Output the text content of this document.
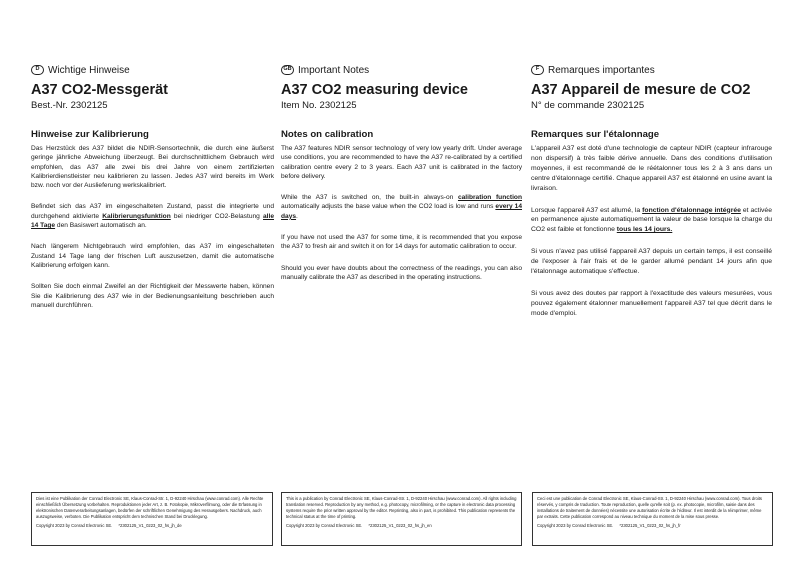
D Wichtige Hinweise
A37 CO2-Messgerät
Best.-Nr. 2302125
Hinweise zur Kalibrierung

Das Herzstück des A37 bildet die NDIR-Sensortechnik, die durch eine äußerst geringe jährliche Abweichung überzeugt. Bei durchschnittlichem Gebrauch wird empfohlen, das A37 alle zwei bis drei Jahre von einem zertifizierten Kalibrierdienstleister neu kalibrieren zu lassen. Jedes A37 wird bereits im Werk bzw. noch vor der Auslieferung werkskalibriert.

Befindet sich das A37 im eingeschalteten Zustand, passt die integrierte und durchgehend aktivierte Kalibrierungsfunktion bei niedriger CO2-Belastung alle 14 Tage den Basiswert automatisch an.

Nach längerem Nichtgebrauch wird empfohlen, das A37 im eingeschalteten Zustand 14 Tage lang der frischen Luft auszusetzen, damit die automatische Kalibrierung erfolgen kann.

Sollten Sie doch einmal Zweifel an der Richtigkeit der Messwerte haben, können Sie die Kalibrierung des A37 wie in der Bedienungsanleitung beschrieben auch manuell durchführen.

GB Important Notes
A37 CO2 measuring device
Item No. 2302125
Notes on calibration

The A37 features NDIR sensor technology of very low yearly drift. Under average use conditions, you are recommended to have the A37 re-calibrated by a certified calibration centre every 2 to 3 years. Each A37 unit is calibrated in the factory before delivery.

While the A37 is switched on, the built-in always-on calibration function automatically adjusts the base value when the CO2 load is low and runs every 14 days.

If you have not used the A37 for some time, it is recommended that you expose the A37 to fresh air and switch it on for 14 days for automatic calibration to occur.

Should you ever have doubts about the correctness of the readings, you can also manually calibrate the A37 as described in the operating instructions.

F Remarques importantes
A37 Appareil de mesure de CO2
N° de commande 2302125
Remarques sur l'étalonnage

L'appareil A37 est doté d'une technologie de capteur NDIR (capteur infrarouge non dispersif) à très faible dérive annuelle. Dans des conditions d'utilisation moyennes, il est recommandé de le réétalonner tous les 2 à 3 ans dans un centre d'étalonnage certifié. Chaque appareil A37 est étalonné en usine avant la livraison.

Lorsque l'appareil A37 est allumé, la fonction d'étalonnage intégrée et activée en permanence ajuste automatiquement la valeur de base lorsque la charge du CO2 est faible et fonctionne tous les 14 jours.

Si vous n'avez pas utilisé l'appareil A37 depuis un certain temps, il est conseillé de l'exposer à l'air frais et de le garder allumé pendant 14 jours afin que l'étalonnage automatique s'effectue.

Si vous avez des doutes par rapport à l'exactitude des valeurs mesurées, vous pouvez également étalonner manuellement l'appareil A37 tel que décrit dans le mode d'emploi.

Dies ist eine Publikation der Conrad Electronic SE, Klaus-Conrad-Str. 1, D-92240 Hirschau (www.conrad.com). Alle Rechte einschließlich Übersetzung vorbehalten. Reproduktionen jeder Art, z. B. Fotokopie, Mikroverfilmung, oder die Erfassung in elektronischen Datenverarbeitungsanlagen, bedürfen der schriftlichen Genehmigung des Herausgebers. Nachdruck, auch auszugsweise, verboten. Die Publikation entspricht dem technischen Stand bei Drucklegung.
Copyright 2023 by Conrad Electronic SE. *2302125_V1_0223_02_hs_jh_de
This is a publication by Conrad Electronic SE, Klaus-Conrad-Str. 1, D-92240 Hirschau (www.conrad.com). All rights including translation reserved. Reproduction by any method, e.g. photocopy, microfilming, or the capture in electronic data processing systems require the prior written approval by the editor. Reprinting, also in part, is prohibited. This publication represents the technical status at the time of printing.
Copyright 2023 by Conrad Electronic SE. *2302125_V1_0223_02_hs_jh_en
Ceci est une publication de Conrad Electronic SE, Klaus-Conrad-Str. 1, D-92240 Hirschau (www.conrad.com). Tous droits réservés, y compris de traduction. Toute reproduction, quelle qu'elle soit (p. ex. photocopie, microfilm, saisie dans des installations de traitement de données) nécessite une autorisation écrite de l'éditeur. Il est interdit de la réimprimer, même par extraits. Cette publication correspond au niveau technique du moment de la mise sous presse.
Copyright 2023 by Conrad Electronic SE. *2302125_V1_0223_02_hs_jh_fr
